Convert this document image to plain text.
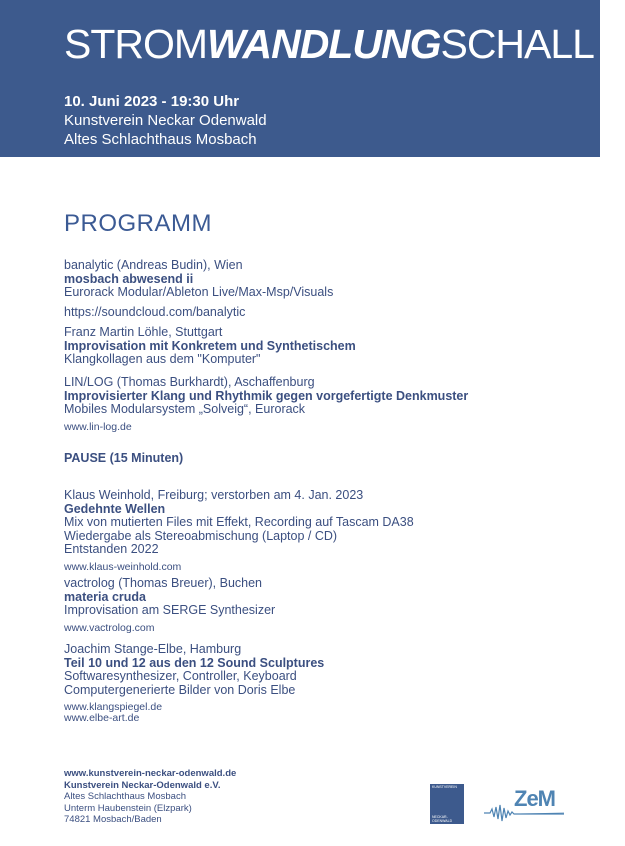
STROMWANDLUNGSCHALL 2
10. Juni 2023 - 19:30 Uhr
Kunstverein Neckar Odenwald
Altes Schlachthaus Mosbach
PROGRAMM
banalytic (Andreas Budin), Wien
mosbach abwesend ii
Eurorack Modular/Ableton Live/Max-Msp/Visuals
https://soundcloud.com/banalytic
Franz Martin Löhle, Stuttgart
Improvisation mit Konkretem und Synthetischem
Klangkollagen aus dem "Komputer"
LIN/LOG (Thomas Burkhardt), Aschaffenburg
Improvisierter Klang und Rhythmik gegen vorgefertigte Denkmuster
Mobiles Modularsystem „Solveig“, Eurorack
www.lin-log.de
PAUSE (15 Minuten)
Klaus Weinhold, Freiburg; verstorben am 4. Jan. 2023
Gedehnte Wellen
Mix von mutierten Files mit Effekt, Recording auf Tascam DA38
Wiedergabe als Stereoabmischung (Laptop / CD)
Entstanden 2022
www.klaus-weinhold.com
vactrolog (Thomas Breuer), Buchen
materia cruda
Improvisation am SERGE Synthesizer
www.vactrolog.com
Joachim Stange-Elbe, Hamburg
Teil 10 und 12 aus den 12 Sound Sculptures
Softwaresynthesizer, Controller, Keyboard
Computergenerierte Bilder von Doris Elbe
www.klangspiegel.de
www.elbe-art.de
www.kunstverein-neckar-odenwald.de
Kunstverein Neckar-Odenwald e.V.
Altes Schlachthaus Mosbach
Unterm Haubenstein (Elzpark)
74821 Mosbach/Baden
KUNSTVEREIN
NECKAR-ODENWALD
ZeM
